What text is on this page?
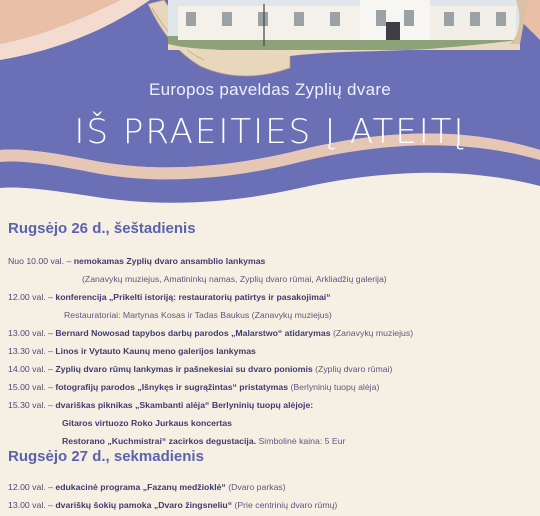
Europos paveldas Zyplių dvare
IŠ PRAEITIES Į ATEITĮ
Rugsėjo 26 d., šeštadienis
Nuo 10.00 val. – nemokamas Zyplių dvaro ansamblio lankymas
(Zanavykų muziejus, Amatininkų namas, Zyplių dvaro rūmai, Arkliadžių galerija)
12.00 val. – konferencija „Prikelti istoriją: restauratorių patirtys ir pasakojimai“
Restauratoriai: Martynas Kosas ir Tadas Baukus (Zanavykų muziejus)
13.00 val. – Bernard Nowosad tapybos darbų parodos „Malarstwo“ atidarymas (Zanavykų muziejus)
13.30 val. – Linos ir Vytauto Kaunų meno galerijos lankymas
14.00 val. – Zyplių dvaro rūmų lankymas ir pašnekesiai su dvaro poniomis (Zyplių dvaro rūmai)
15.00 val. – fotografijų parodos „Išnykęs ir sugrąžintas“ pristatymas (Berlyninių tuopų alėja)
15.30 val. – dvariškas piknikas „Skambanti alėja“ Berlyninių tuopų alėjoje:
Gitaros virtuozo Roko Jurkaus koncertas
Restorano „Kuchmistrai“ zacirkos degustacija. Simbolinė kaina: 5 Eur
Rugsėjo 27 d., sekmadienis
12.00 val. – edukacinė programa „Fazanų medžioklė“ (Dvaro parkas)
13.00 val. – dvariškų šokių pamoka „Dvaro žingsneliu“ (Prie centrinių dvaro rūmų)
